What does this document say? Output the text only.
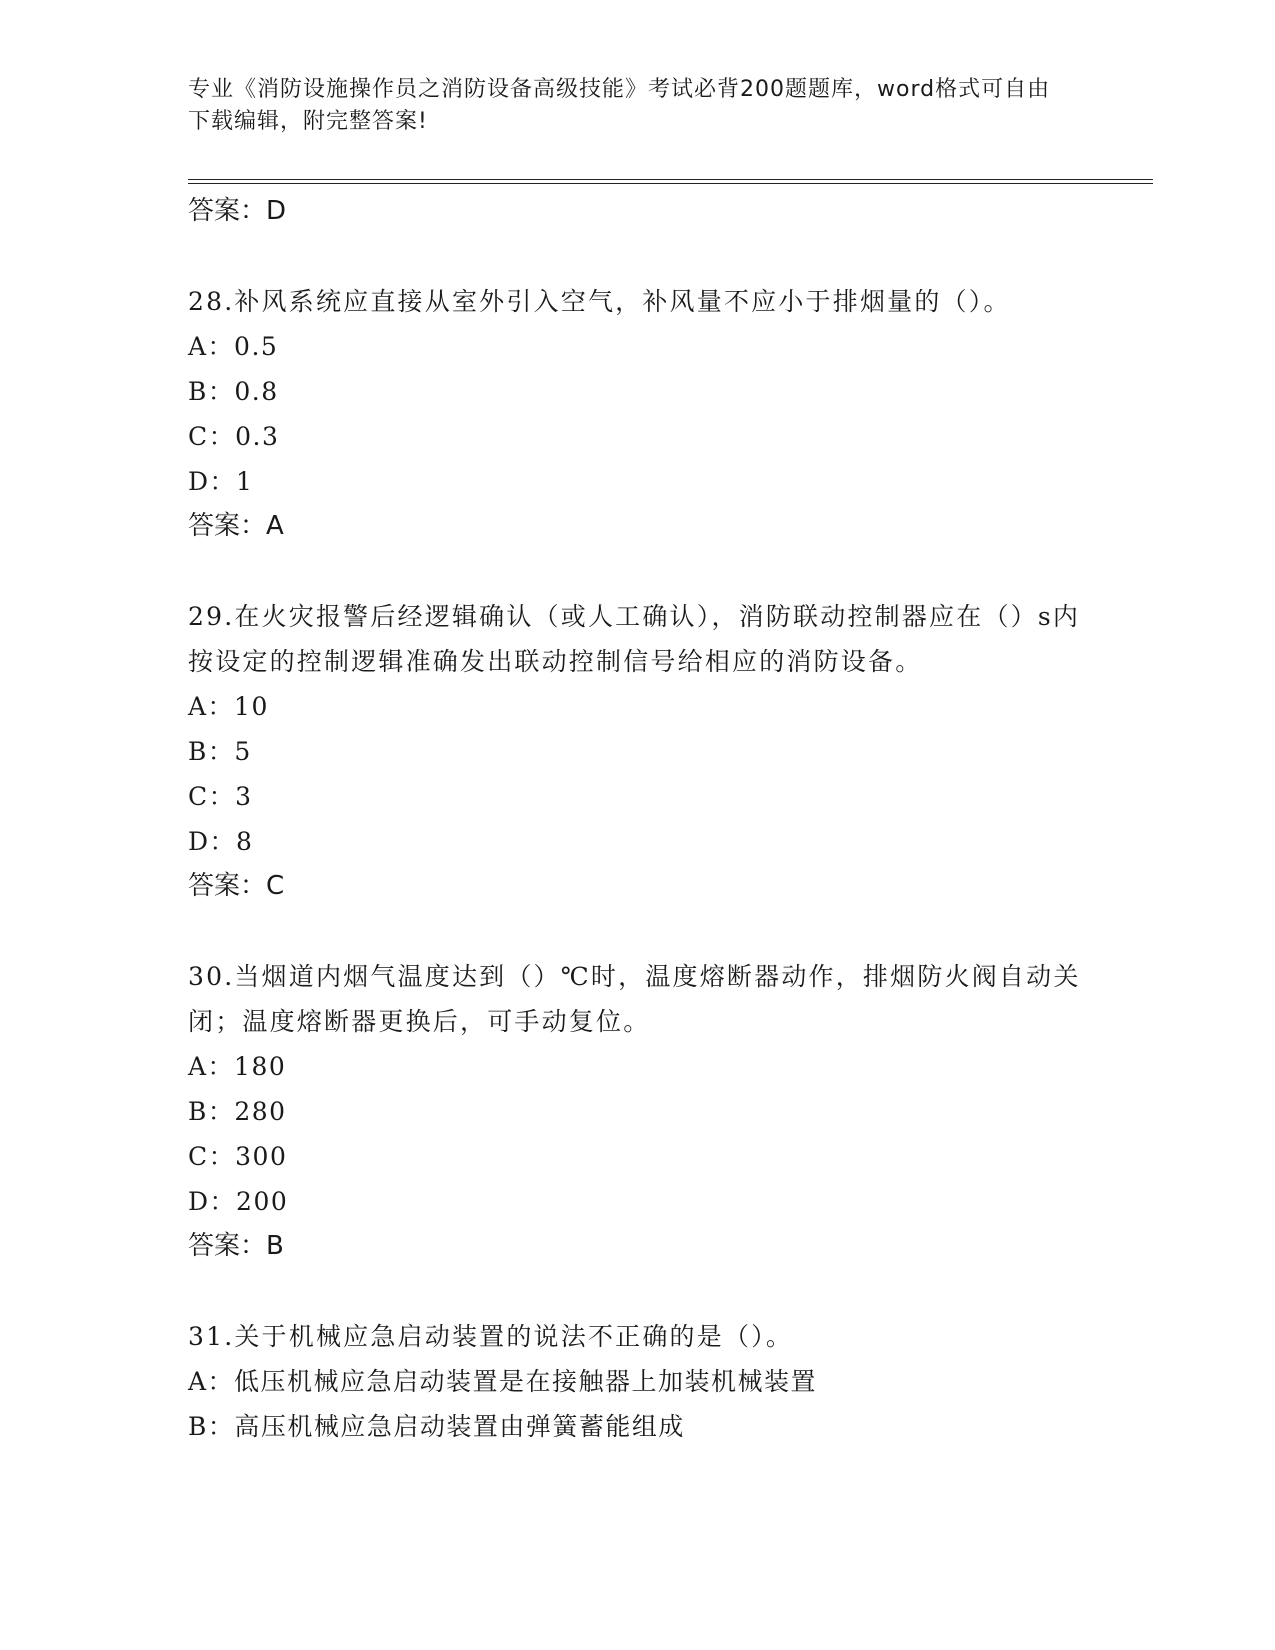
专业《消防设施操作员之消防设备高级技能》考试必背200题题库，word格式可自由下载编辑，附完整答案!
答案：D
28.补风系统应直接从室外引入空气，补风量不应小于排烟量的（）。
A：0.5
B：0.8
C：0.3
D：1
答案：A
29.在火灾报警后经逻辑确认（或人工确认），消防联动控制器应在（）s内按设定的控制逻辑准确发出联动控制信号给相应的消防设备。
A：10
B：5
C：3
D：8
答案：C
30.当烟道内烟气温度达到（）℃时，温度熔断器动作，排烟防火阀自动关闭；温度熔断器更换后，可手动复位。
A：180
B：280
C：300
D：200
答案：B
31.关于机械应急启动装置的说法不正确的是（）。
A：低压机械应急启动装置是在接触器上加装机械装置
B：高压机械应急启动装置由弹簧蓄能组成
